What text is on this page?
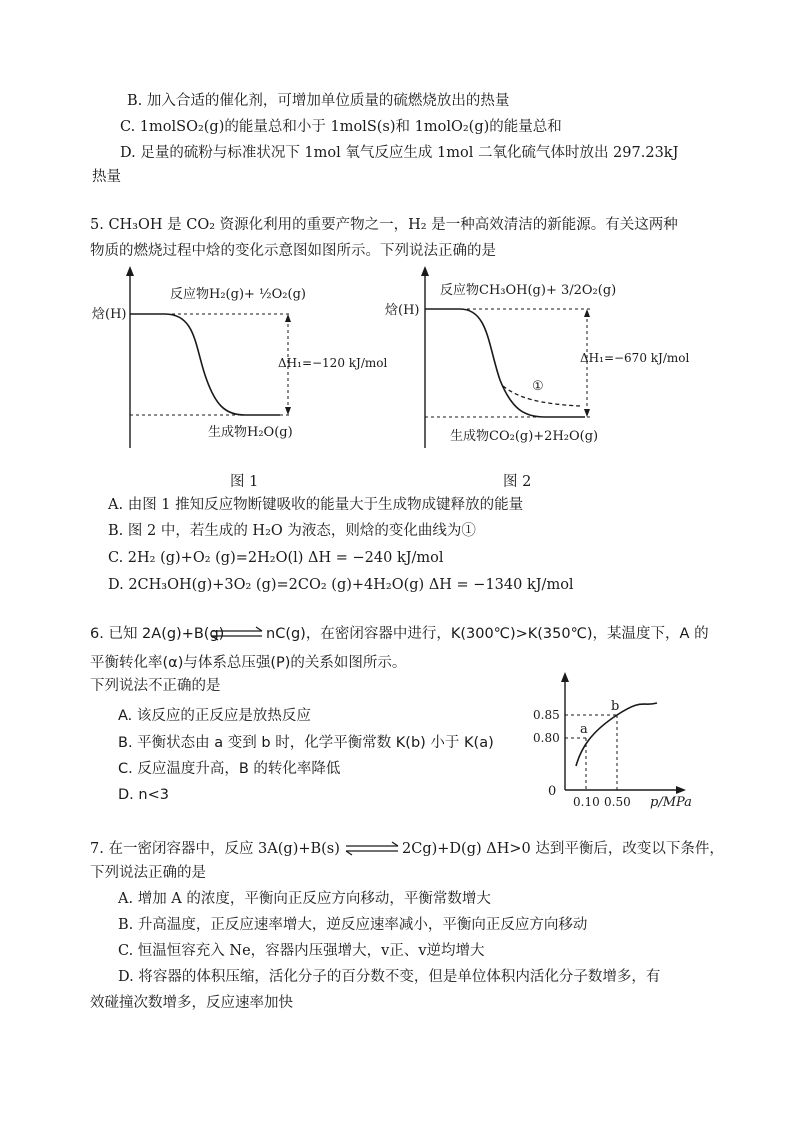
B. 加入合适的催化剂，可增加单位质量的硫燃烧放出的热量
C. 1molSO₂(g)的能量总和小于 1molS(s)和 1molO₂(g)的能量总和
D. 足量的硫粉与标准状况下 1mol 氧气反应生成 1mol 二氧化硫气体时放出 297.23kJ
热量
5. CH₃OH 是 CO₂ 资源化利用的重要产物之一，H₂ 是一种高效清洁的新能源。有关这两种
物质的燃烧过程中焓的变化示意图如图所示。下列说法正确的是
反应物H₂(g)+ ½O₂(g)
焓(H)
ΔH₁=−120 kJ/mol
生成物H₂O(g)
反应物CH₃OH(g)+ 3/2O₂(g)
焓(H)
ΔH₁=−670 kJ/mol
①
生成物CO₂(g)+2H₂O(g)
a
b
0.10 0.50
0.80
0.85
0
p/MPa
图 1	图 2
A. 由图 1 推知反应物断键吸收的能量大于生成物成键释放的能量
B. 图 2 中，若生成的 H₂O 为液态，则焓的变化曲线为①
C. 2H₂ (g)+O₂ (g)=2H₂O(l) ΔH = −240 kJ/mol
D. 2CH₃OH(g)+3O₂ (g)=2CO₂ (g)+4H₂O(g) ΔH = −1340 kJ/mol
6. 已知 2A(g)+B(g)	nC(g)，在密闭容器中进行，K(300℃)>K(350℃)，某温度下，A 的
平衡转化率(α)与体系总压强(P)的关系如图所示。
下列说法不正确的是
A. 该反应的正反应是放热反应
B. 平衡状态由 a 变到 b 时，化学平衡常数 K(b) 小于 K(a)
C. 反应温度升高，B 的转化率降低
D. n<3
7. 在一密闭容器中，反应 3A(g)+B(s)	2Cg)+D(g) ΔH>0 达到平衡后，改变以下条件，
下列说法正确的是
A. 增加 A 的浓度，平衡向正反应方向移动，平衡常数增大
B. 升高温度，正反应速率增大，逆反应速率减小，平衡向正反应方向移动
C. 恒温恒容充入 Ne，容器内压强增大，v正、v逆均增大
D. 将容器的体积压缩，活化分子的百分数不变，但是单位体积内活化分子数增多，有
效碰撞次数增多，反应速率加快
